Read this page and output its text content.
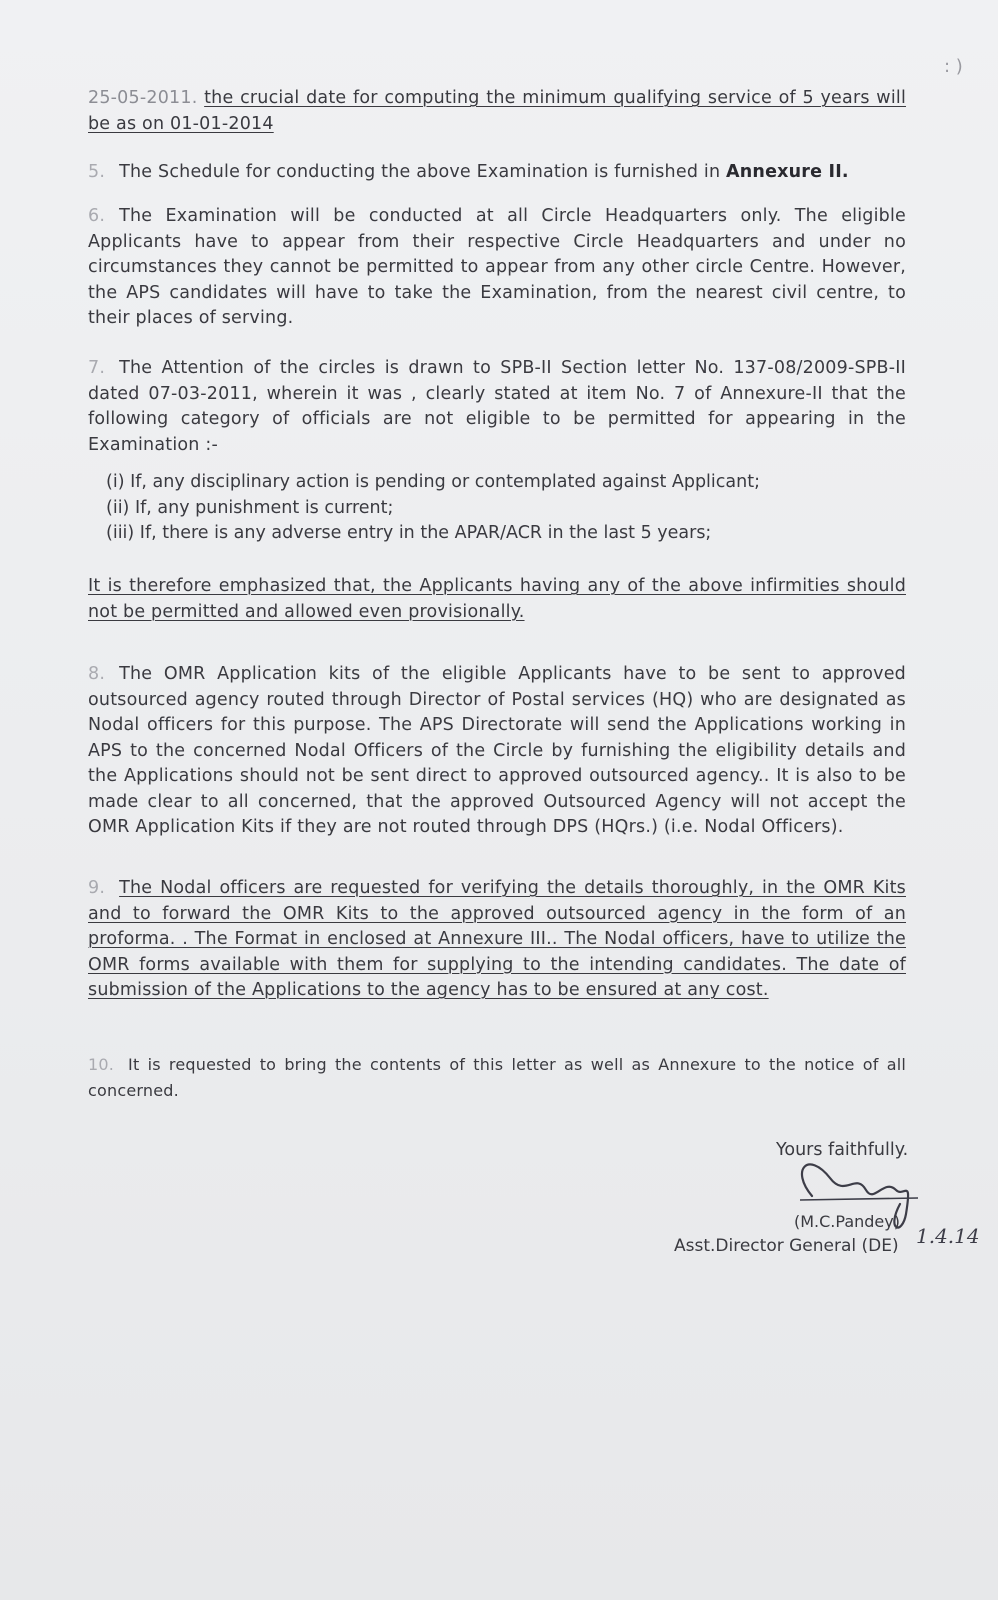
: )
25-05-2011. the crucial date for computing the minimum qualifying service of 5 years will be as on 01-01-2014
5. The Schedule for conducting the above Examination is furnished in Annexure II.
6. The Examination will be conducted at all Circle Headquarters only. The eligible Applicants have to appear from their respective Circle Headquarters and under no circumstances they cannot be permitted to appear from any other circle Centre. However, the APS candidates will have to take the Examination, from the nearest civil centre, to their places of serving.
7. The Attention of the circles is drawn to SPB-II Section letter No. 137-08/2009-SPB-II dated 07-03-2011, wherein it was , clearly stated at item No. 7 of Annexure-II that the following category of officials are not eligible to be permitted for appearing in the Examination :-
(i) If, any disciplinary action is pending or contemplated against Applicant;
(ii) If, any punishment is current;
(iii) If, there is any adverse entry in the APAR/ACR in the last 5 years;
It is therefore emphasized that, the Applicants having any of the above infirmities should not be permitted and allowed even provisionally.
8. The OMR Application kits of the eligible Applicants have to be sent to approved outsourced agency routed through Director of Postal services (HQ) who are designated as Nodal officers for this purpose. The APS Directorate will send the Applications working in APS to the concerned Nodal Officers of the Circle by furnishing the eligibility details and the Applications should not be sent direct to approved outsourced agency.. It is also to be made clear to all concerned, that the approved Outsourced Agency will not accept the OMR Application Kits if they are not routed through DPS (HQrs.) (i.e. Nodal Officers).
9. The Nodal officers are requested for verifying the details thoroughly, in the OMR Kits and to forward the OMR Kits to the approved outsourced agency in the form of an proforma. . The Format in enclosed at Annexure III.. The Nodal officers, have to utilize the OMR forms available with them for supplying to the intending candidates. The date of submission of the Applications to the agency has to be ensured at any cost.
10. It is requested to bring the contents of this letter as well as Annexure to the notice of all concerned.
Yours faithfully.
(M.C.Pandey)
Asst.Director General (DE) 1.4.14
